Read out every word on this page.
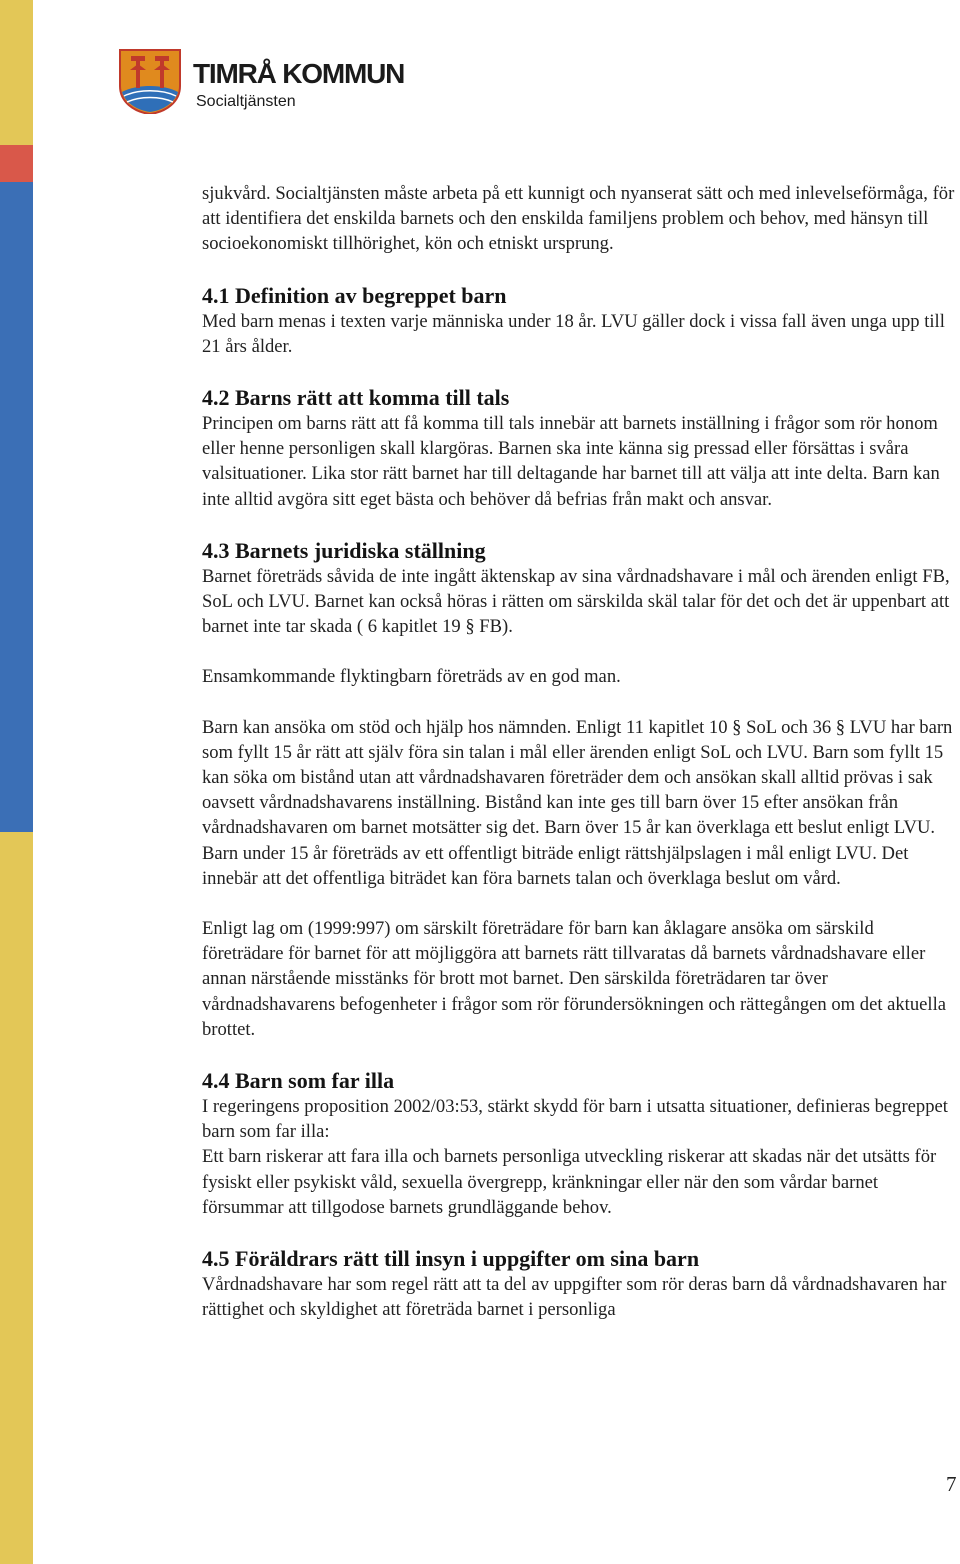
TIMRÅ KOMMUN
Socialtjänsten

sjukvård. Socialtjänsten måste arbeta på ett kunnigt och nyanserat sätt och med inlevelseförmåga, för att identifiera det enskilda barnets och den enskilda familjens problem och behov, med hänsyn till socioekonomiskt tillhörighet, kön och etniskt ursprung.

4.1 Definition av begreppet barn

Med barn menas i texten varje människa under 18 år. LVU gäller dock i vissa fall även unga upp till 21 års ålder.

4.2 Barns rätt att komma till tals

Principen om barns rätt att få komma till tals innebär att barnets inställning i frågor som rör honom eller henne personligen skall klargöras. Barnen ska inte känna sig pressad eller försättas i svåra valsituationer. Lika stor rätt barnet har till deltagande har barnet till att välja att inte delta. Barn kan inte alltid avgöra sitt eget bästa och behöver då befrias från makt och ansvar.

4.3 Barnets juridiska ställning

Barnet företräds såvida de inte ingått äktenskap av sina vårdnadshavare i mål och ärenden enligt FB, SoL och LVU. Barnet kan också höras i rätten om särskilda skäl talar för det och det är uppenbart att barnet inte tar skada ( 6 kapitlet 19 § FB).

Ensamkommande flyktingbarn företräds av en god man.

Barn kan ansöka om stöd och hjälp hos nämnden. Enligt 11 kapitlet 10 § SoL och 36 § LVU har barn som fyllt 15 år rätt att själv föra sin talan i mål eller ärenden enligt SoL och LVU. Barn som fyllt 15 kan söka om bistånd utan att vårdnadshavaren företräder dem och ansökan skall alltid prövas i sak oavsett vårdnadshavarens inställning. Bistånd kan inte ges till barn över 15 efter ansökan från vårdnadshavaren om barnet motsätter sig det. Barn över 15 år kan överklaga ett beslut enligt LVU. Barn under 15 år företräds av ett offentligt biträde enligt rättshjälpslagen i mål enligt LVU. Det innebär att det offentliga biträdet kan föra barnets talan och överklaga beslut om vård.

Enligt lag om (1999:997) om särskilt företrädare för barn kan åklagare ansöka om särskild företrädare för barnet för att möjliggöra att barnets rätt tillvaratas då barnets vårdnadshavare eller annan närstående misstänks för brott mot barnet. Den särskilda företrädaren tar över vårdnadshavarens befogenheter i frågor som rör förundersökningen och rättegången om det aktuella brottet.

4.4 Barn som far illa

I regeringens proposition 2002/03:53, stärkt skydd för barn i utsatta situationer, definieras begreppet barn som far illa:

Ett barn riskerar att fara illa och barnets personliga utveckling riskerar att skadas när det utsätts för fysiskt eller psykiskt våld, sexuella övergrepp, kränkningar eller när den som vårdar barnet försummar att tillgodose barnets grundläggande behov.

4.5 Föräldrars rätt till insyn i uppgifter om sina barn

Vårdnadshavare har som regel rätt att ta del av uppgifter som rör deras barn då vårdnadshavaren har rättighet och skyldighet att företräda barnet i personliga

7
